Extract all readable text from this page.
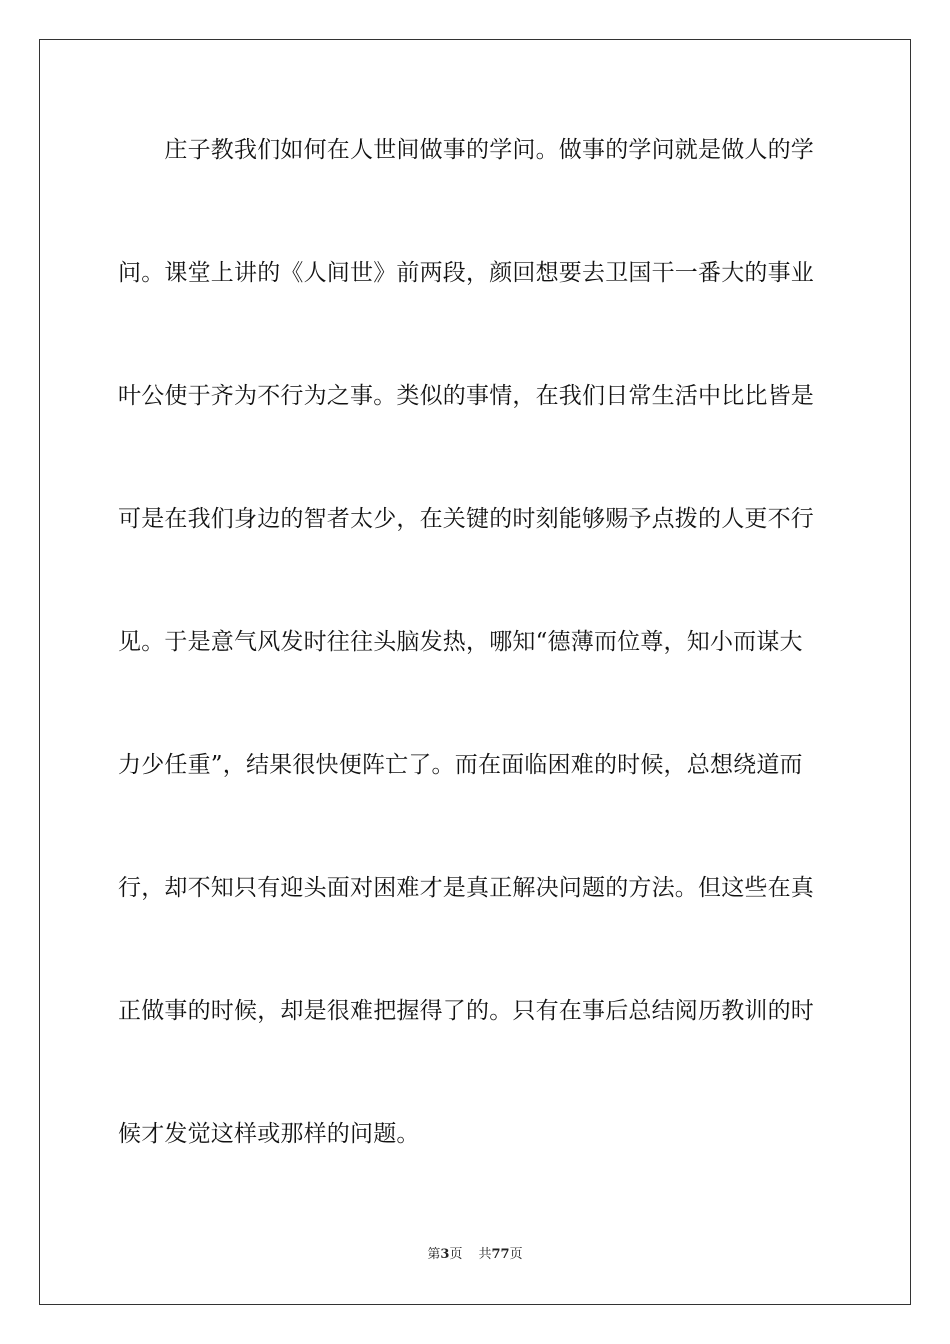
　　庄子教我们如何在人世间做事的学问。做事的学问就是做人的学
问。课堂上讲的《人间世》前两段，颜回想要去卫国干一番大的事业
叶公使于齐为不行为之事。类似的事情，在我们日常生活中比比皆是
可是在我们身边的智者太少，在关键的时刻能够赐予点拨的人更不行
见。于是意气风发时往往头脑发热，哪知“德薄而位尊，知小而谋大
力少任重”，结果很快便阵亡了。而在面临困难的时候，总想绕道而
行，却不知只有迎头面对困难才是真正解决问题的方法。但这些在真
正做事的时候，却是很难把握得了的。只有在事后总结阅历教训的时
候才发觉这样或那样的问题。
第3页 共77页
